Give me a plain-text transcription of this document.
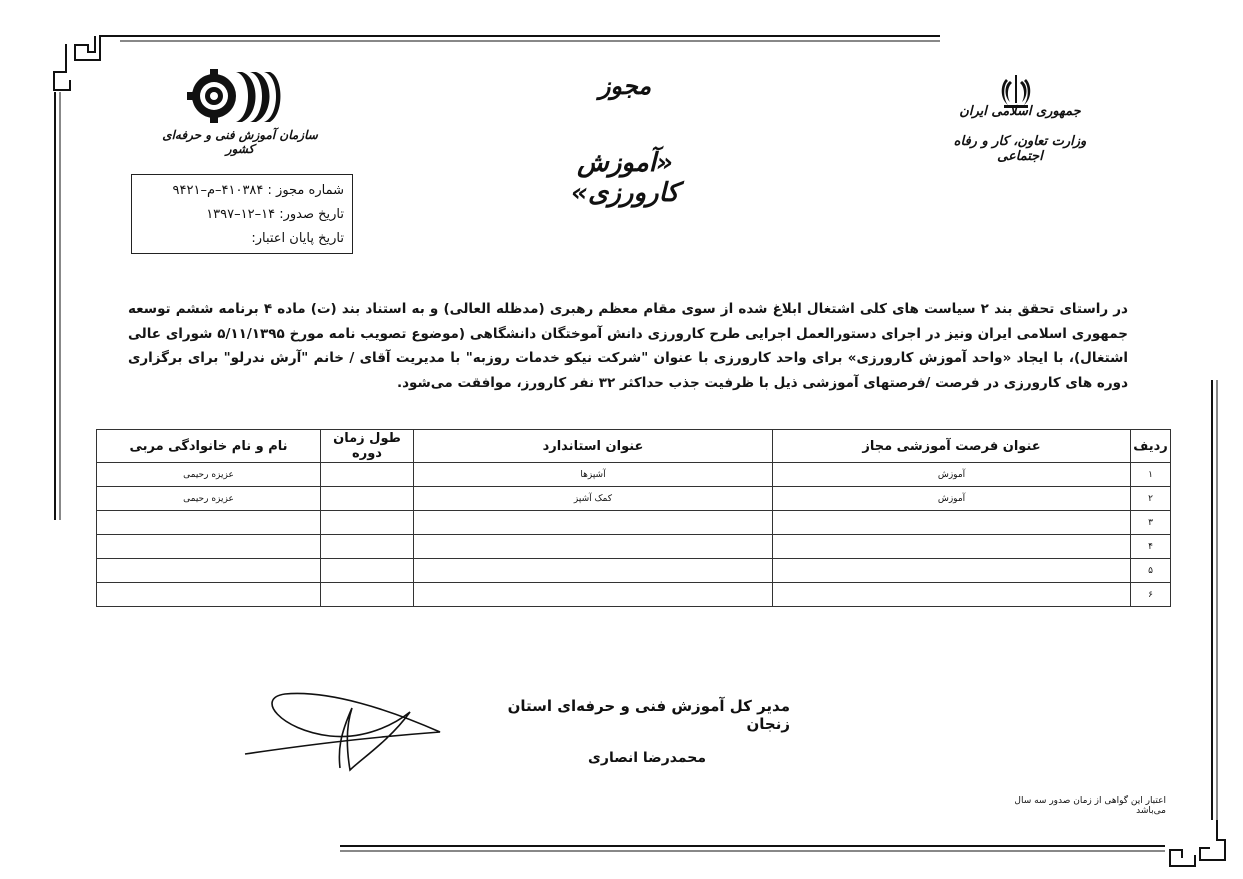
جمهوری اسلامی ایران
وزارت تعاون، کار و رفاه اجتماعی
مجوز
«آموزش کارورزی»
سازمان آموزش فنی و حرفه‌ای کشور
شماره مجوز : ۴۱۰۳۸۴–م–۹۴۲۱
تاریخ صدور: ۱۴–۱۲–۱۳۹۷
تاریخ پایان اعتبار:
در راستای تحقق بند ۲ سیاست های کلی اشتغال ابلاغ شده از سوی مقام معظم رهبری (مدظله العالی) و به استناد بند (ت) ماده ۴ برنامه ششم توسعه جمهوری اسلامی ایران ونیز در اجرای دستورالعمل اجرایی طرح کارورزی دانش آموختگان دانشگاهی (موضوع تصویب نامه مورخ ۵/۱۱/۱۳۹۵ شورای عالی اشتغال)، با ایجاد «واحد آموزش کارورزی» برای واحد کارورزی با عنوان "شرکت نیکو خدمات روزبه" با مدیریت آقای / خانم "آرش ندرلو" برای برگزاری دوره های کارورزی در فرصت /فرصتهای آموزشی ذیل با ظرفیت جذب حداکثر ۳۲ نفر کارورز، موافقت می‌شود.
ردیف	عنوان فرصت آموزشی مجاز	عنوان استاندارد	طول زمان دوره	نام و نام خانوادگی مربی
۱	آموزش	آشپزها		عزیزه رحیمی
۲	آموزش	کمک آشپز		عزیزه رحیمی
۳				
۴				
۵				
۶				
مدیر کل آموزش فنی و حرفه‌ای استان زنجان
محمدرضا انصاری
اعتبار این گواهی از زمان صدور سه سال می‌باشد
